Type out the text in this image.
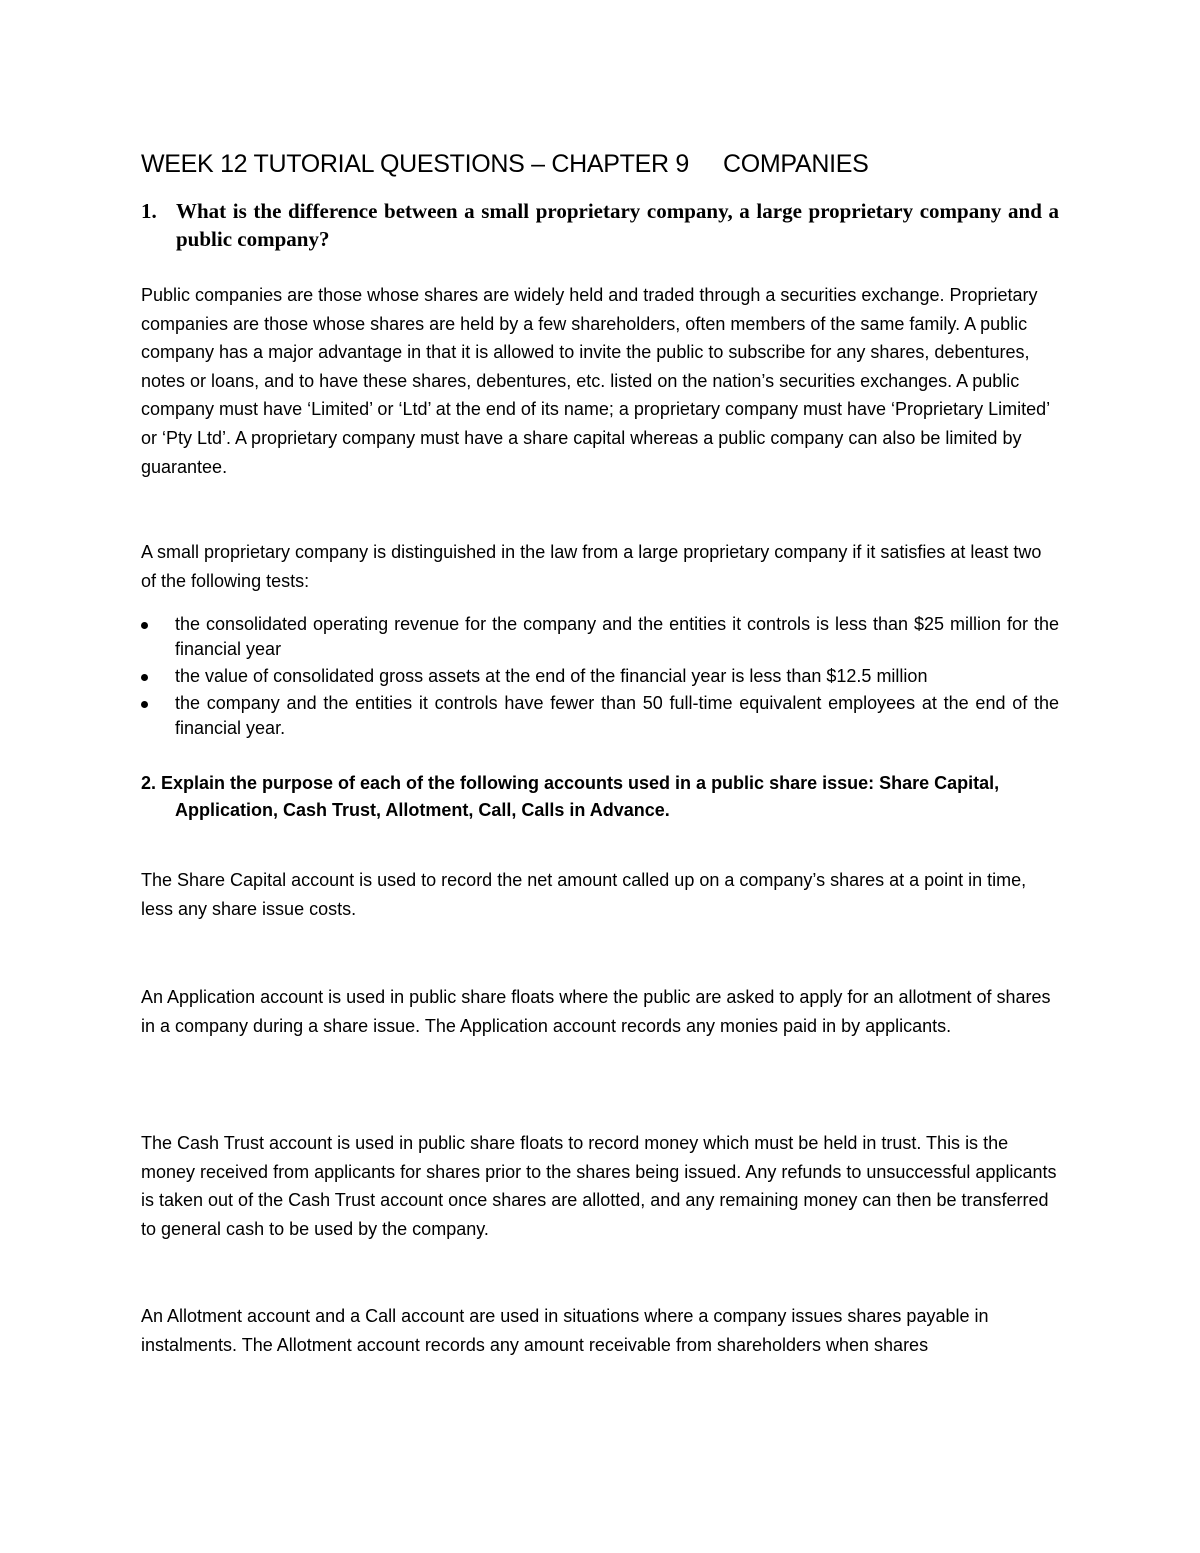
WEEK 12 TUTORIAL QUESTIONS – CHAPTER 9 COMPANIES
1. What is the difference between a small proprietary company, a large proprietary company and a public company?
Public companies are those whose shares are widely held and traded through a securities exchange. Proprietary companies are those whose shares are held by a few shareholders, often members of the same family. A public company has a major advantage in that it is allowed to invite the public to subscribe for any shares, debentures, notes or loans, and to have these shares, debentures, etc. listed on the nation’s securities exchanges. A public company must have ‘Limited’ or ‘Ltd’ at the end of its name; a proprietary company must have ‘Proprietary Limited’ or ‘Pty Ltd’. A proprietary company must have a share capital whereas a public company can also be limited by guarantee.
A small proprietary company is distinguished in the law from a large proprietary company if it satisfies at least two of the following tests:
the consolidated operating revenue for the company and the entities it controls is less than $25 million for the financial year
the value of consolidated gross assets at the end of the financial year is less than $12.5 million
the company and the entities it controls have fewer than 50 full-time equivalent employees at the end of the financial year.
2. Explain the purpose of each of the following accounts used in a public share issue: Share Capital, Application, Cash Trust, Allotment, Call, Calls in Advance.
The Share Capital account is used to record the net amount called up on a company’s shares at a point in time, less any share issue costs.
An Application account is used in public share floats where the public are asked to apply for an allotment of shares in a company during a share issue. The Application account records any monies paid in by applicants.
The Cash Trust account is used in public share floats to record money which must be held in trust. This is the money received from applicants for shares prior to the shares being issued. Any refunds to unsuccessful applicants is taken out of the Cash Trust account once shares are allotted, and any remaining money can then be transferred to general cash to be used by the company.
An Allotment account and a Call account are used in situations where a company issues shares payable in instalments. The Allotment account records any amount receivable from shareholders when shares
